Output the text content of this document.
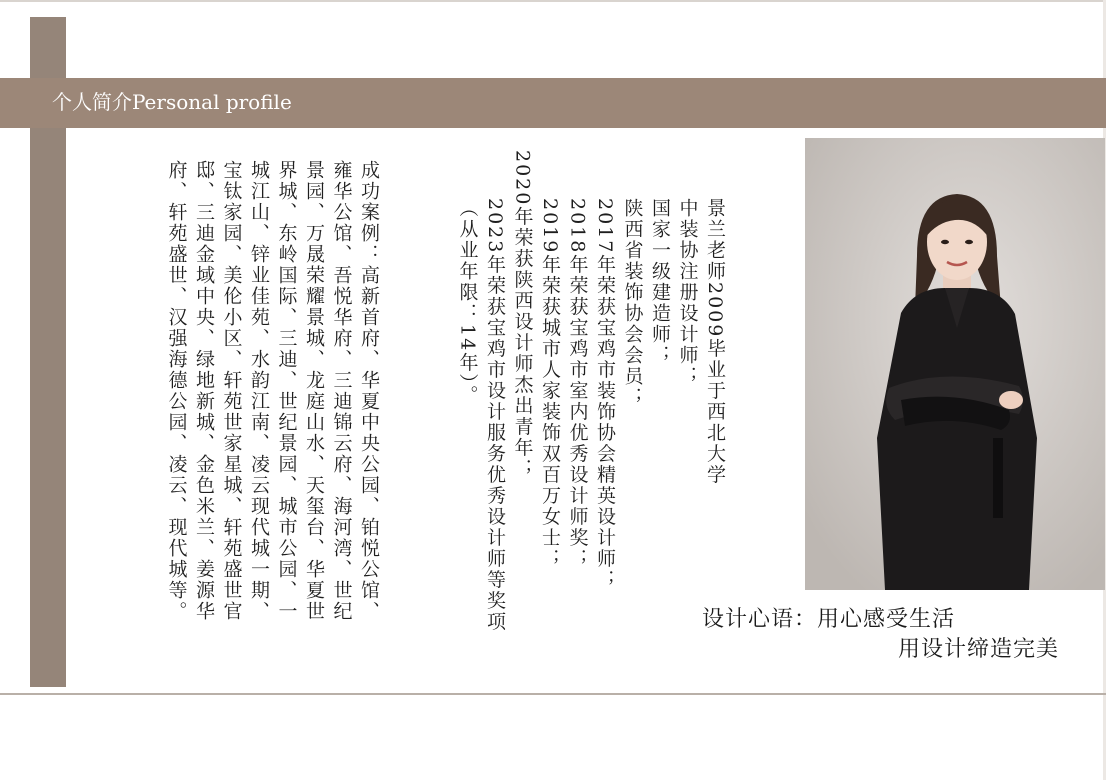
个人简介Personal profile
景兰老师2009毕业于西北大学
中装协注册设计师；
国家一级建造师；
陕西省装饰协会会员；
2017年荣获宝鸡市装饰协会精英设计师；
2018年荣获宝鸡市室内优秀设计师奖；
2019年荣获城市人家装饰双百万女士；
2020年荣获陕西设计师杰出青年；
2023年荣获宝鸡市设计服务优秀设计师等奖项
（从业年限：14年）。
成功案例：高新首府、华夏中央公园、铂悦公馆、雍华公馆、吾悦华府、三迪锦云府、海河湾、世纪景园、万晟荣耀景城、龙庭山水、天玺台、华夏世界城、东岭国际、三迪、世纪景园、城市公园、一城江山、锌业佳苑、水韵江南、凌云现代城一期、宝钛家园、美伦小区、轩苑世家星城、轩苑盛世官邸、三迪金域中央、绿地新城、金色米兰、姜源华府、轩苑盛世、汉强海德公园、凌云、现代城等。	设计心语：用心感受生活
用设计缔造完美
